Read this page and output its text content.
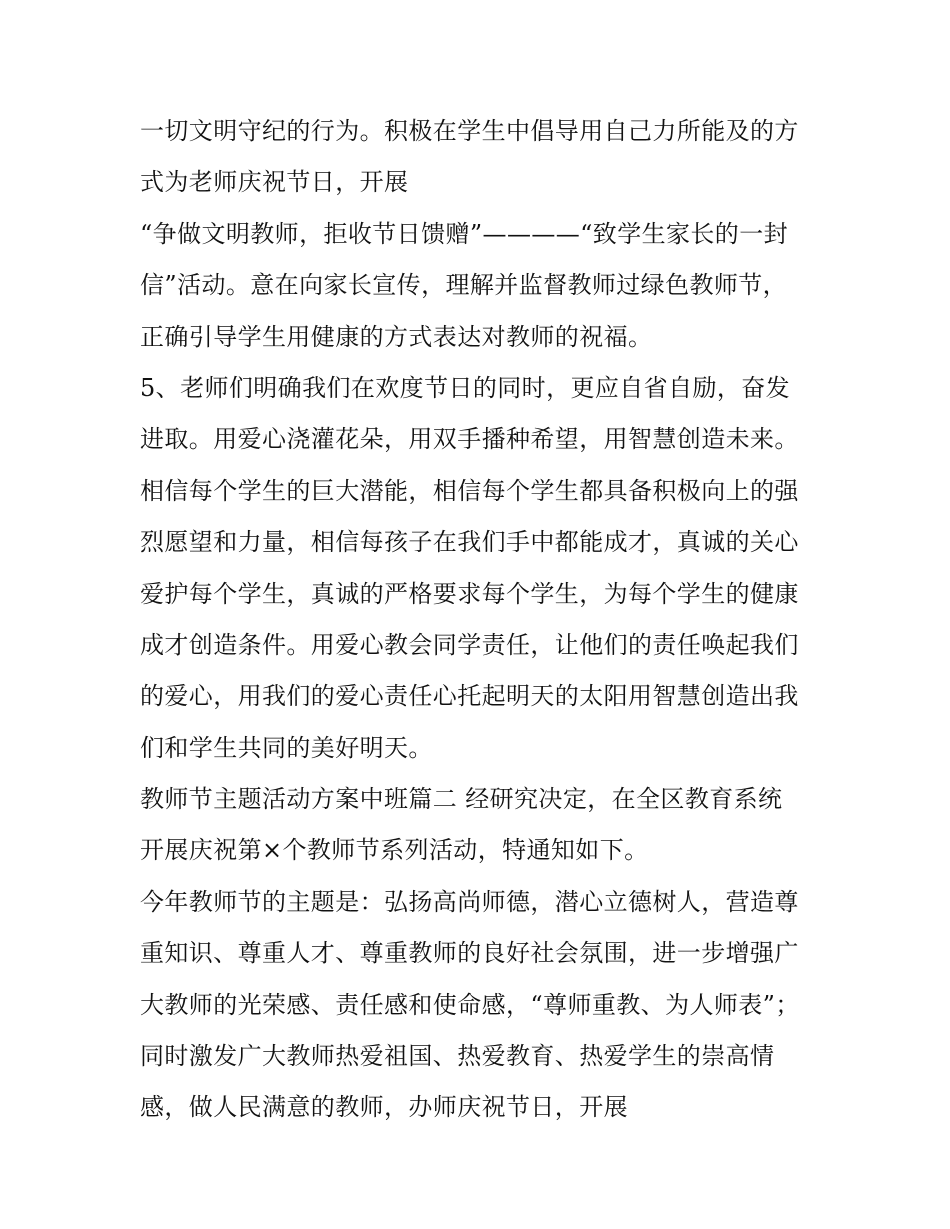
一切文明守纪的行为。积极在学生中倡导用自己力所能及的方
式为老师庆祝节日，开展
“争做文明教师，拒收节日馈赠”————“致学生家长的一封
信”活动。意在向家长宣传，理解并监督教师过绿色教师节，
正确引导学生用健康的方式表达对教师的祝福。
5、老师们明确我们在欢度节日的同时，更应自省自励，奋发
进取。用爱心浇灌花朵，用双手播种希望，用智慧创造未来。
相信每个学生的巨大潜能，相信每个学生都具备积极向上的强
烈愿望和力量，相信每孩子在我们手中都能成才，真诚的关心
爱护每个学生，真诚的严格要求每个学生，为每个学生的健康
成才创造条件。用爱心教会同学责任，让他们的责任唤起我们
的爱心，用我们的爱心责任心托起明天的太阳用智慧创造出我
们和学生共同的美好明天。
教师节主题活动方案中班篇二 经研究决定，在全区教育系统
开展庆祝第×个教师节系列活动，特通知如下。
今年教师节的主题是：弘扬高尚师德，潜心立德树人，营造尊
重知识、尊重人才、尊重教师的良好社会氛围，进一步增强广
大教师的光荣感、责任感和使命感，“尊师重教、为人师表”；
同时激发广大教师热爱祖国、热爱教育、热爱学生的崇高情
感，做人民满意的教师，办师庆祝节日，开展
